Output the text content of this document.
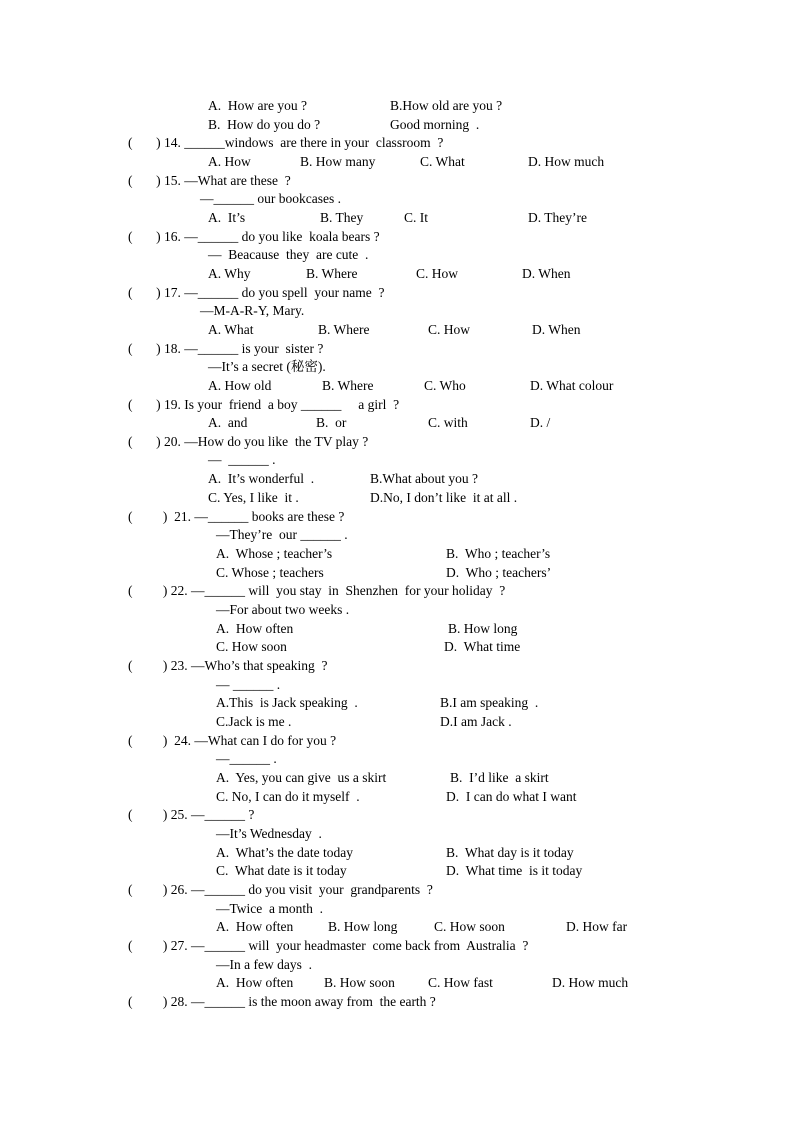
A.  How are you ?	B.How old are you ?
B.  How do you do ?	Good morning  .
(       ) 14. ______windows  are there in your  classroom  ?
A. How	B. How many	C. What	D. How much
(       ) 15. —What are these  ?
—______ our bookcases .
A.  It’s	B. They	C. It	D. They’re
(       ) 16. —______ do you like  koala bears ?
—  Beacause  they  are cute  .
A. Why	B. Where	C. How	D. When
(       ) 17. —______ do you spell  your name  ?
—M-A-R-Y, Mary.
A. What	B. Where	C. How	D. When
(       ) 18. —______ is your  sister ?
—It’s a secret (秘密).
A. How old	B. Where	C. Who	D. What colour
(       ) 19. Is your  friend  a boy ______     a girl  ?
A.  and	B.  or	C. with	D. /
(       ) 20. —How do you like  the TV play ?
—  ______ .
A.  It’s wonderful  .	B.What about you ?
C. Yes, I like  it .	D.No, I don’t like  it at all .
(         )  21. —______ books are these ?
—They’re  our ______ .
A.  Whose ; teacher’s	B.  Who ; teacher’s
C. Whose ; teachers	D.  Who ; teachers’
(         ) 22. —______ will  you stay  in  Shenzhen  for your holiday  ?
—For about two weeks .
A.  How often	B. How long
C. How soon	D.  What time
(         ) 23. —Who’s that speaking  ?
— ______ .
A.This  is Jack speaking  .	B.I am speaking  .
C.Jack is me .	D.I am Jack .
(         )  24. —What can I do for you ?
—______ .
A.  Yes, you can give  us a skirt	B.  I’d like  a skirt
C. No, I can do it myself  .	D.  I can do what I want
(         ) 25. —______ ?
—It’s Wednesday  .
A.  What’s the date today	B.  What day is it today
C.  What date is it today	D.  What time  is it today
(         ) 26. —______ do you visit  your  grandparents  ?
—Twice  a month  .
A.  How often	B. How long	C. How soon	D. How far
(         ) 27. —______ will  your headmaster  come back from  Australia  ?
—In a few days  .
A.  How often B. How soon C. How fast	D. How much
(         ) 28. —______ is the moon away from  the earth ?
